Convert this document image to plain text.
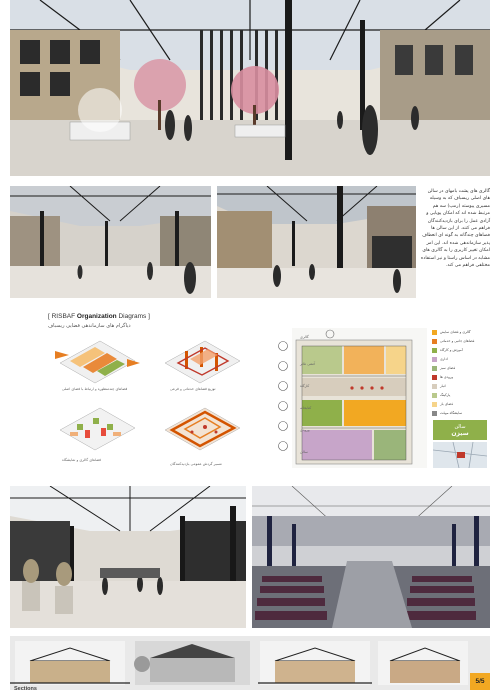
گالری های پشت بامهای در سالن های اصلی ریسباف که به وسیله مسیری پیوسته (رمپ) سه هم مرتبط شده اند که امکان پویایی و آزادی عمل را برای بازدیدکنندگان فراهم می کنند. از این سالن ها فضاهای چندگانه به گونه ای انعطاف پذیر سازماندهی شده اند. این امر امکان تغییر کاربری را به گالری های مشابه در اساس راستا و نیز استفاده مختلفی فراهم می کند.
[ RISBAF Organization Diagrams ]
دیاگرام های سازماندهی فضایی ریسباف
فضاهای چندمنظوره و ارتباط با فضای اصلی	توزیع فضاهای خدماتی و فرعی
فضاهای گالری و نمایشگاه
مسیر گردش عمومی بازدیدکنندگان
گالری
آمفی تئاتر
کارگاه
کتابخانه
ورودی
سالن
گالری و فضای نمایش
فضاهای جانبی و خدماتی
آموزش و کارگاه
اداری
فضای سبز
ورودی ها
انبار
پارکینگ
فضای باز
نمایشگاه موقت
سالن
سیزن
Sections
5/5
